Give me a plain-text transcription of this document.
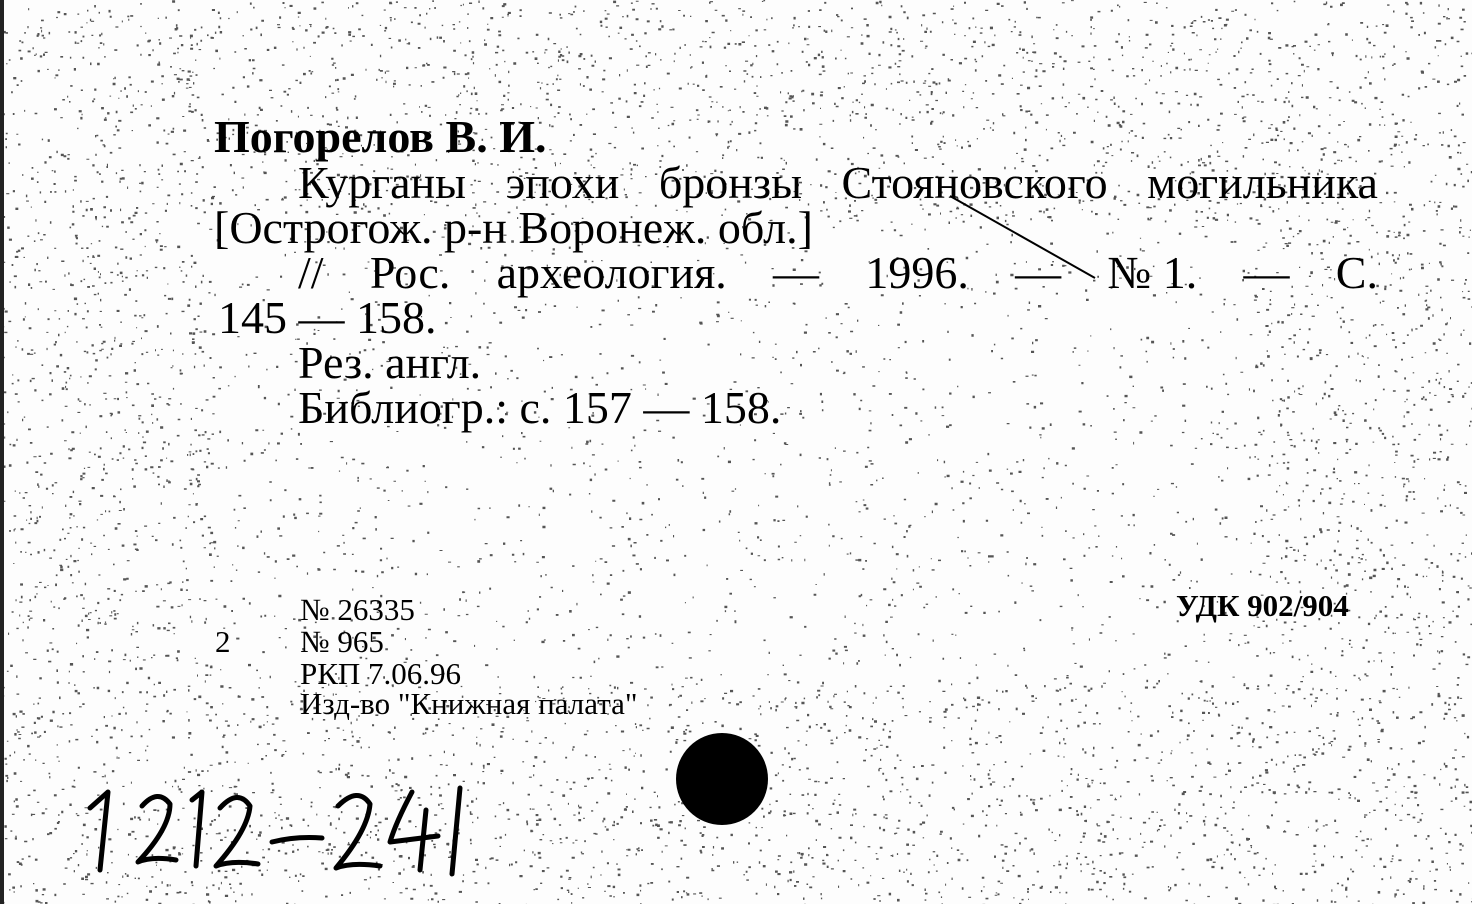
Погорелов В. И.
Курганы эпохи бронзы Стояновского могильника
[Острогож. р-н Воронеж. обл.]
// Рос. археология. — 1996. — № 1. — С.
145 — 158.
Рез. англ.
Библиогр.: с. 157 — 158.
2
№ 26335
№ 965
РКП 7.06.96
Изд-во "Книжная палата"
УДК 902/904
